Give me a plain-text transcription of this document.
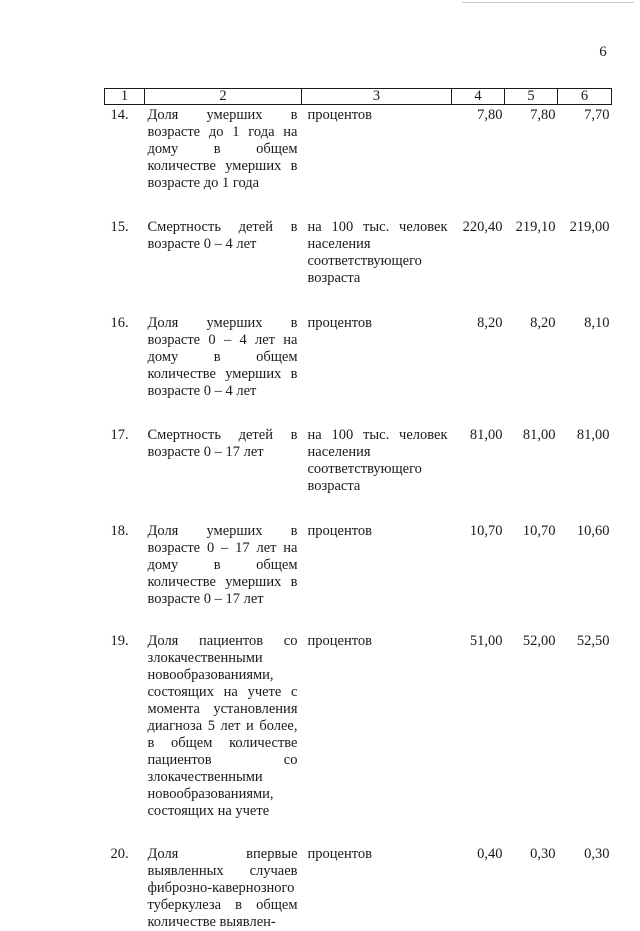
6
1	2	3	4	5	6
14.	Доля умерших в возрасте до 1 года на дому в общем количестве умерших в возрасте до 1 года	процентов	7,80	7,80	7,70
15.	Смертность детей в возрасте 0 – 4 лет	на 100 тыс. человек населения соответствующего возраста	220,40	219,10	219,00
16.	Доля умерших в возрасте 0 – 4 лет на дому в общем количестве умерших в возрасте 0 – 4 лет	процентов	8,20	8,20	8,10
17.	Смертность детей в возрасте 0 – 17 лет	на 100 тыс. человек населения соответствующего возраста	81,00	81,00	81,00
18.	Доля умерших в возрасте 0 – 17 лет на дому в общем количестве умерших в возрасте 0 – 17 лет	процентов	10,70	10,70	10,60
19.	Доля пациентов со злокачественными новообразованиями, состоящих на учете с момента установления диагноза 5 лет и более, в общем количестве пациентов со злокачественными новообразованиями, состоящих на учете	процентов	51,00	52,00	52,50
20.	Доля впервые выявленных случаев фиброзно-кавернозного туберкулеза в общем количестве выявлен-	процентов	0,40	0,30	0,30
